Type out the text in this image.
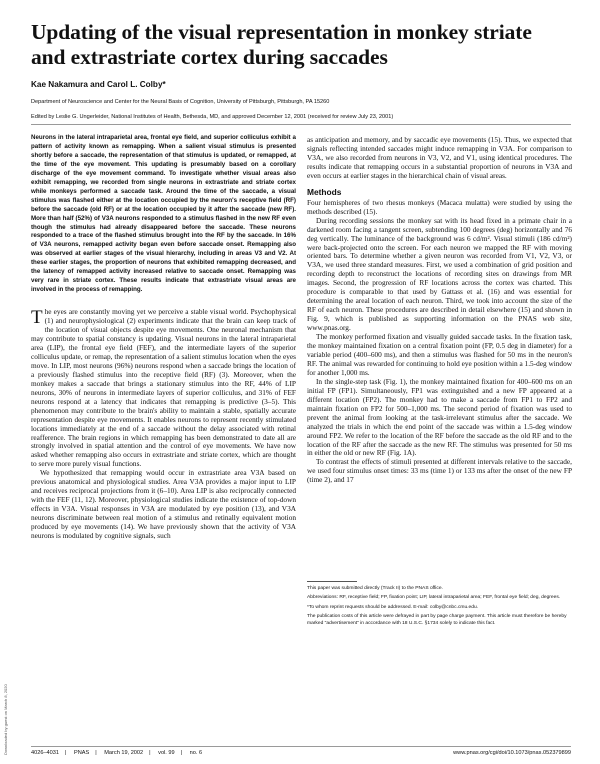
Updating of the visual representation in monkey striate and extrastriate cortex during saccades
Kae Nakamura and Carol L. Colby*
Department of Neuroscience and Center for the Neural Basis of Cognition, University of Pittsburgh, Pittsburgh, PA 15260
Edited by Leslie G. Ungerleider, National Institutes of Health, Bethesda, MD, and approved December 12, 2001 (received for review July 23, 2001)

Neurons in the lateral intraparietal area, frontal eye field, and superior colliculus exhibit a pattern of activity known as remapping. When a salient visual stimulus is presented shortly before a saccade, the representation of that stimulus is updated, or remapped, at the time of the eye movement. This updating is presumably based on a corollary discharge of the eye movement command. To investigate whether visual areas also exhibit remapping, we recorded from single neurons in extrastriate and striate cortex while monkeys performed a saccade task. Around the time of the saccade, a visual stimulus was flashed either at the location occupied by the neuron's receptive field (RF) before the saccade (old RF) or at the location occupied by it after the saccade (new RF). More than half (52%) of V3A neurons responded to a stimulus flashed in the new RF even though the stimulus had already disappeared before the saccade. These neurons responded to a trace of the flashed stimulus brought into the RF by the saccade. In 16% of V3A neurons, remapped activity began even before saccade onset. Remapping also was observed at earlier stages of the visual hierarchy, including in areas V3 and V2. At these earlier stages, the proportion of neurons that exhibited remapping decreased, and the latency of remapped activity increased relative to saccade onset. Remapping was very rare in striate cortex. These results indicate that extrastriate visual areas are involved in the process of remapping.

The eyes are constantly moving yet we perceive a stable visual world. Psychophysical (1) and neurophysiological (2) experiments indicate that the brain can keep track of the location of visual objects despite eye movements. One neuronal mechanism that may contribute to spatial constancy is updating. Visual neurons in the lateral intraparietal area (LIP), the frontal eye field (FEF), and the intermediate layers of the superior colliculus update, or remap, the representation of a salient stimulus location when the eyes move. In LIP, most neurons (96%) neurons respond when a saccade brings the location of a previously flashed stimulus into the receptive field (RF) (3). Moreover, when the monkey makes a saccade that brings a stationary stimulus into the RF, 44% of LIP neurons, 30% of neurons in intermediate layers of superior colliculus, and 31% of FEF neurons respond at a latency that indicates that remapping is predictive (3–5). This phenomenon may contribute to the brain's ability to maintain a stable, spatially accurate representation despite eye movements. It enables neurons to represent recently stimulated locations immediately at the end of a saccade without the delay associated with retinal reafference. The brain regions in which remapping has been demonstrated to date all are strongly involved in spatial attention and the control of eye movements. We have now asked whether remapping also occurs in extrastriate and striate cortex, which are thought to serve more purely visual functions.

We hypothesized that remapping would occur in extrastriate area V3A based on previous anatomical and physiological studies. Area V3A provides a major input to LIP and receives reciprocal projections from it (6–10). Area LIP is also reciprocally connected with the FEF (11, 12). Moreover, physiological studies indicate the existence of top-down effects in V3A. Visual responses in V3A are modulated by eye position (13), and V3A neurons discriminate between real motion of a stimulus and retinally equivalent motion produced by eye movements (14). We have previously shown that the activity of V3A neurons is modulated by cognitive signals, such

as anticipation and memory, and by saccadic eye movements (15). Thus, we expected that signals reflecting intended saccades might induce remapping in V3A. For comparison to V3A, we also recorded from neurons in V3, V2, and V1, using identical procedures. The results indicate that remapping occurs in a substantial proportion of neurons in V3A and even occurs at earlier stages in the hierarchical chain of visual areas.

Methods

Four hemispheres of two rhesus monkeys (Macaca mulatta) were studied by using the methods described (15).

During recording sessions the monkey sat with its head fixed in a primate chair in a darkened room facing a tangent screen, subtending 100 degrees (deg) horizontally and 76 deg vertically. The luminance of the background was 6 cd/m². Visual stimuli (186 cd/m²) were back-projected onto the screen. For each neuron we mapped the RF with moving oriented bars. To determine whether a given neuron was recorded from V1, V2, V3, or V3A, we used three standard measures. First, we used a combination of grid position and recording depth to reconstruct the locations of recording sites on drawings from MR images. Second, the progression of RF locations across the cortex was charted. This procedure is comparable to that used by Gattass et al. (16) and was essential for determining the areal location of each neuron. Third, we took into account the size of the RF of each neuron. These procedures are described in detail elsewhere (15) and shown in Fig. 9, which is published as supporting information on the PNAS web site, www.pnas.org.

The monkey performed fixation and visually guided saccade tasks. In the fixation task, the monkey maintained fixation on a central fixation point (FP, 0.5 deg in diameter) for a variable period (400–600 ms), and then a stimulus was flashed for 50 ms in the neuron's RF. The animal was rewarded for continuing to hold eye position within a 1.5-deg window for another 1,000 ms.

In the single-step task (Fig. 1), the monkey maintained fixation for 400–600 ms on an initial FP (FP1). Simultaneously, FP1 was extinguished and a new FP appeared at a different location (FP2). The monkey had to make a saccade from FP1 to FP2 and maintain fixation on FP2 for 500–1,000 ms. The second period of fixation was used to prevent the animal from looking at the task-irrelevant stimulus after the saccade. We analyzed the trials in which the end point of the saccade was within a 1.5-deg window around FP2. We refer to the location of the RF before the saccade as the old RF and to the location of the RF after the saccade as the new RF. The stimulus was presented for 50 ms in either the old or new RF (Fig. 1A).

To contrast the effects of stimuli presented at different intervals relative to the saccade, we used four stimulus onset times: 33 ms (time 1) or 133 ms after the onset of the new FP (time 2), and 17

This paper was submitted directly (Track II) to the PNAS office.

Abbreviations: RF, receptive field; FP, fixation point; LIP, lateral intraparietal area; FEF, frontal eye field; deg, degrees.

*To whom reprint requests should be addressed. E-mail: colby@cnbc.cmu.edu.

The publication costs of this article were defrayed in part by page charge payment. This article must therefore be hereby marked "advertisement" in accordance with 18 U.S.C. §1734 solely to indicate this fact.

4026–4031 | PNAS | March 19, 2002 | vol. 99 | no. 6	www.pnas.org/cgi/doi/10.1073/pnas.052379899
Downloaded by guest on March 8, 2020
